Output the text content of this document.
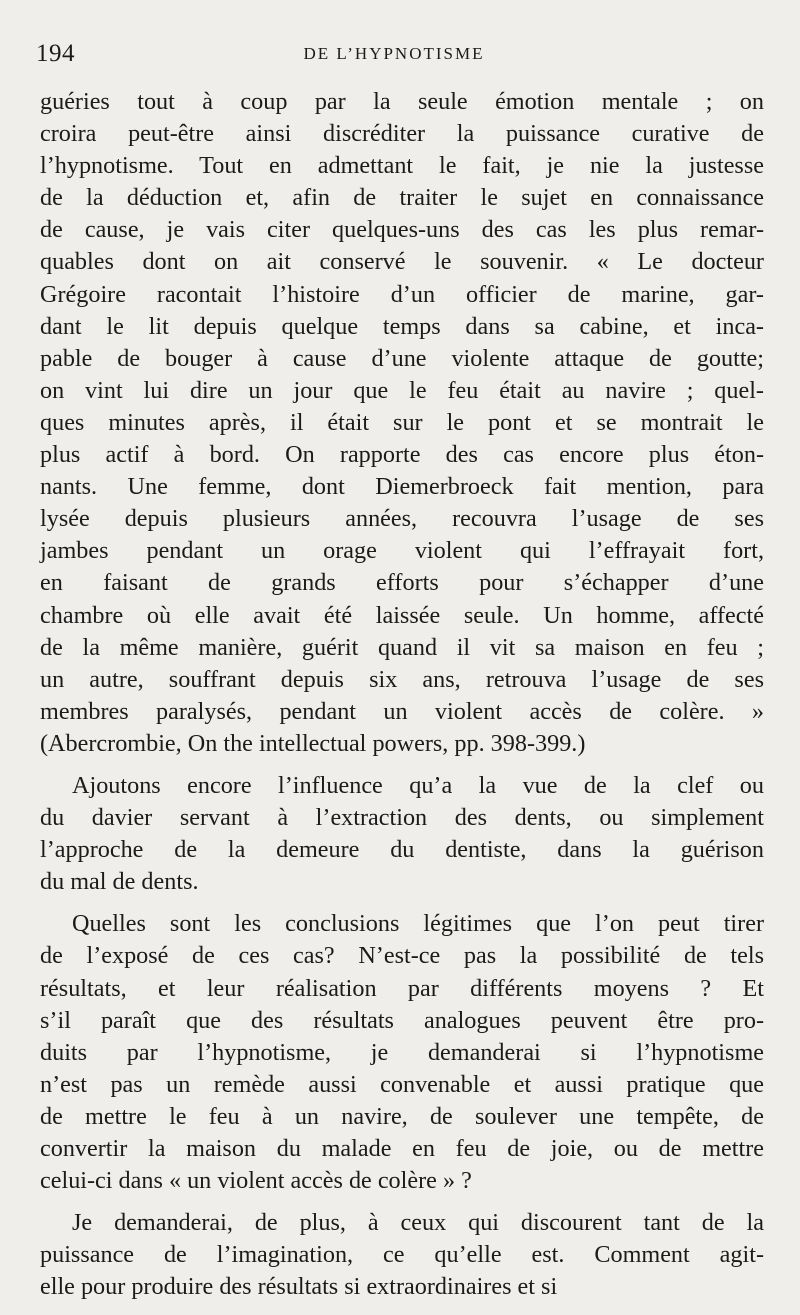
194	DE L’HYPNOTISME
guéries tout à coup par la seule émotion mentale ; on
croira peut-être ainsi discréditer la puissance curative de
l’hypnotisme. Tout en admettant le fait, je nie la justesse
de la déduction et, afin de traiter le sujet en connaissance
de cause, je vais citer quelques-uns des cas les plus remar-
quables dont on ait conservé le souvenir. « Le docteur
Grégoire racontait l’histoire d’un officier de marine, gar-
dant le lit depuis quelque temps dans sa cabine, et inca-
pable de bouger à cause d’une violente attaque de goutte;
on vint lui dire un jour que le feu était au navire ; quel-
ques minutes après, il était sur le pont et se montrait le
plus actif à bord. On rapporte des cas encore plus éton-
nants. Une femme, dont Diemerbroeck fait mention, para
lysée depuis plusieurs années, recouvra l’usage de ses
jambes pendant un orage violent qui l’effrayait fort,
en faisant de grands efforts pour s’échapper d’une
chambre où elle avait été laissée seule. Un homme, affecté
de la même manière, guérit quand il vit sa maison en feu ;
un autre, souffrant depuis six ans, retrouva l’usage de ses
membres paralysés, pendant un violent accès de colère. »
(Abercrombie, On the intellectual powers, pp. 398-399.)
Ajoutons encore l’influence qu’a la vue de la clef ou
du davier servant à l’extraction des dents, ou simplement
l’approche de la demeure du dentiste, dans la guérison
du mal de dents.
Quelles sont les conclusions légitimes que l’on peut tirer
de l’exposé de ces cas? N’est-ce pas la possibilité de tels
résultats, et leur réalisation par différents moyens ? Et
s’il paraît que des résultats analogues peuvent être pro-
duits par l’hypnotisme, je demanderai si l’hypnotisme
n’est pas un remède aussi convenable et aussi pratique que
de mettre le feu à un navire, de soulever une tempête, de
convertir la maison du malade en feu de joie, ou de mettre
celui-ci dans « un violent accès de colère » ?
Je demanderai, de plus, à ceux qui discourent tant de la
puissance de l’imagination, ce qu’elle est. Comment agit-
elle pour produire des résultats si extraordinaires et si
